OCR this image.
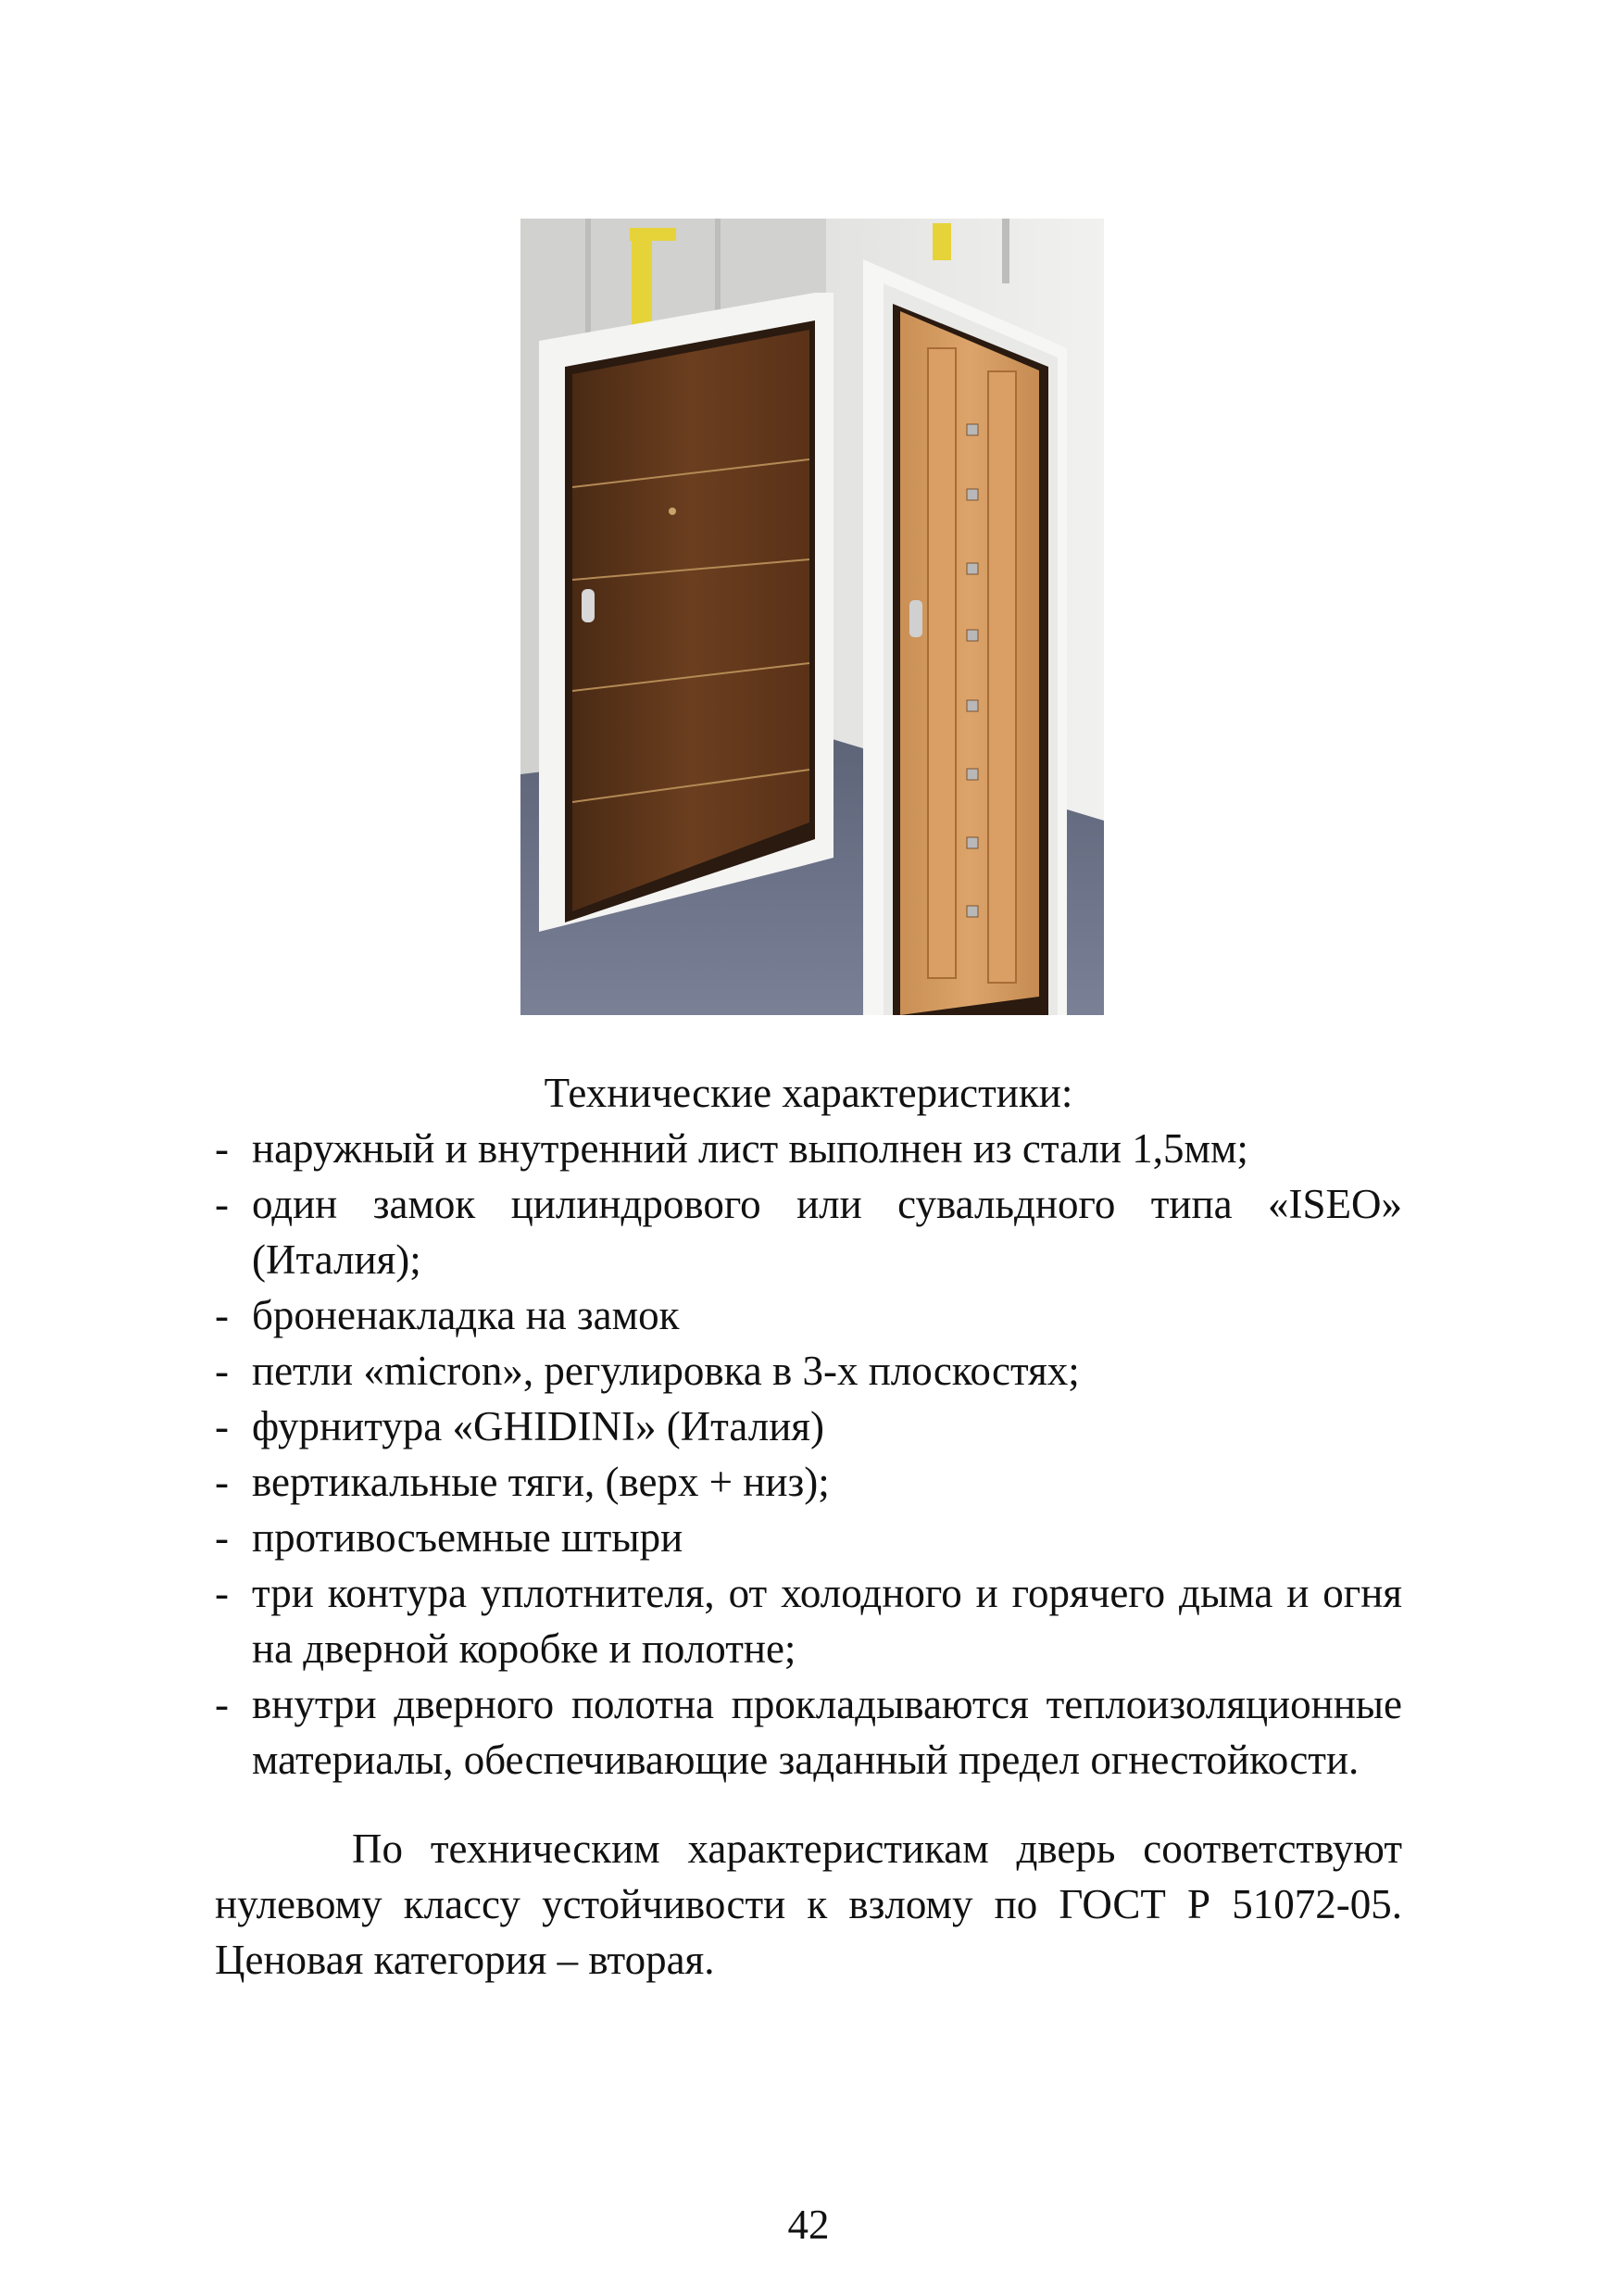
Технические характеристики:
- наружный и внутренний лист выполнен из стали 1,5мм;
- один замок цилиндрового или сувальдного типа «ISEO» (Италия);
- броненакладка на замок
- петли «micron», регулировка в 3-х плоскостях;
- фурнитура «GHIDINI» (Италия)
- вертикальные тяги, (верх + низ);
- противосъемные штыри
- три контура уплотнителя, от холодного и горячего дыма и огня на дверной коробке и полотне;
- внутри дверного полотна прокладываются теплоизоляционные материалы, обеспечивающие заданный предел огнестойкости.
По техническим характеристикам дверь соответствуют нулевому классу устойчивости к взлому по ГОСТ Р 51072-05. Ценовая категория – вторая.
42
